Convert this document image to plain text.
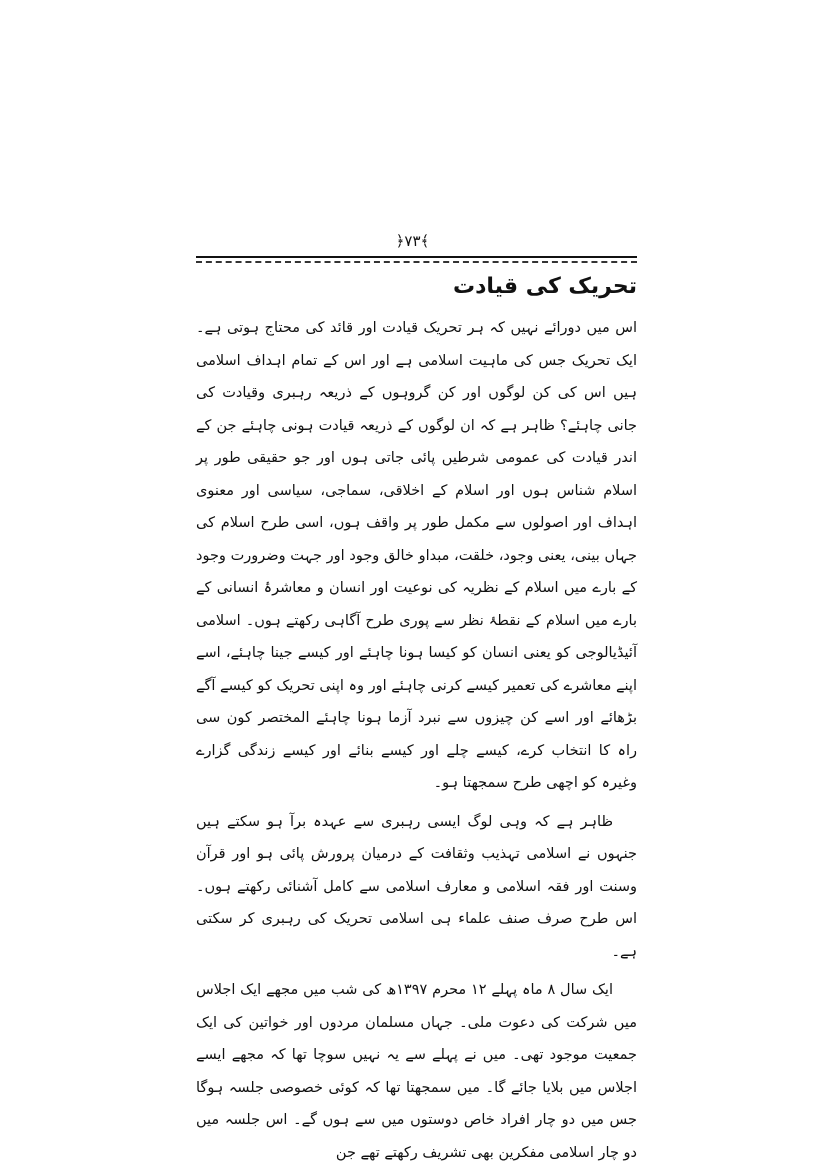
﴿۷۳﴾
تحریک کی قیادت

اس میں دورائے نہیں کہ ہر تحریک قیادت اور قائد کی محتاج ہوتی ہے۔ ایک تحریک جس کی ماہیت اسلامی ہے اور اس کے تمام اہداف اسلامی ہیں اس کی کن لوگوں اور کن گروہوں کے ذریعہ رہبری وقیادت کی جانی چاہئے؟ ظاہر ہے کہ ان لوگوں کے ذریعہ قیادت ہونی چاہئے جن کے اندر قیادت کی عمومی شرطیں پائی جاتی ہوں اور جو حقیقی طور پر اسلام شناس ہوں اور اسلام کے اخلاقی، سماجی، سیاسی اور معنوی اہداف اور اصولوں سے مکمل طور پر واقف ہوں، اسی طرح اسلام کی جہاں بینی، یعنی وجود، خلقت، مبداو خالق وجود اور جہت وضرورت وجود کے بارے میں اسلام کے نظریہ کی نوعیت اور انسان و معاشرۂ انسانی کے بارے میں اسلام کے نقطۂ نظر سے پوری طرح آگاہی رکھتے ہوں۔ اسلامی آئیڈیالوجی کو یعنی انسان کو کیسا ہونا چاہئے اور کیسے جینا چاہئے، اسے اپنے معاشرے کی تعمیر کیسے کرنی چاہئے اور وہ اپنی تحریک کو کیسے آگے بڑھائے اور اسے کن چیزوں سے نبرد آزما ہونا چاہئے المختصر کون سی راہ کا انتخاب کرے، کیسے چلے اور کیسے بنائے اور کیسے زندگی گزارے وغیرہ کو اچھی طرح سمجھتا ہو۔

ظاہر ہے کہ وہی لوگ ایسی رہبری سے عہدہ برآ ہو سکتے ہیں جنہوں نے اسلامی تہذیب وثقافت کے درمیان پرورش پائی ہو اور قرآن وسنت اور فقہ اسلامی و معارف اسلامی سے کامل آشنائی رکھتے ہوں۔ اس طرح صرف صنف علماء ہی اسلامی تحریک کی رہبری کر سکتی ہے۔

ایک سال ۸ ماہ پہلے ۱۲ محرم ۱۳۹۷ھ کی شب میں مجھے ایک اجلاس میں شرکت کی دعوت ملی۔ جہاں مسلمان مردوں اور خواتین کی ایک جمعیت موجود تھی۔ میں نے پہلے سے یہ نہیں سوچا تھا کہ مجھے ایسے اجلاس میں بلایا جائے گا۔ میں سمجھتا تھا کہ کوئی خصوصی جلسہ ہوگا جس میں دو چار افراد خاص دوستوں میں سے ہوں گے۔ اس جلسہ میں دو چار اسلامی مفکرین بھی تشریف رکھتے تھے جن
